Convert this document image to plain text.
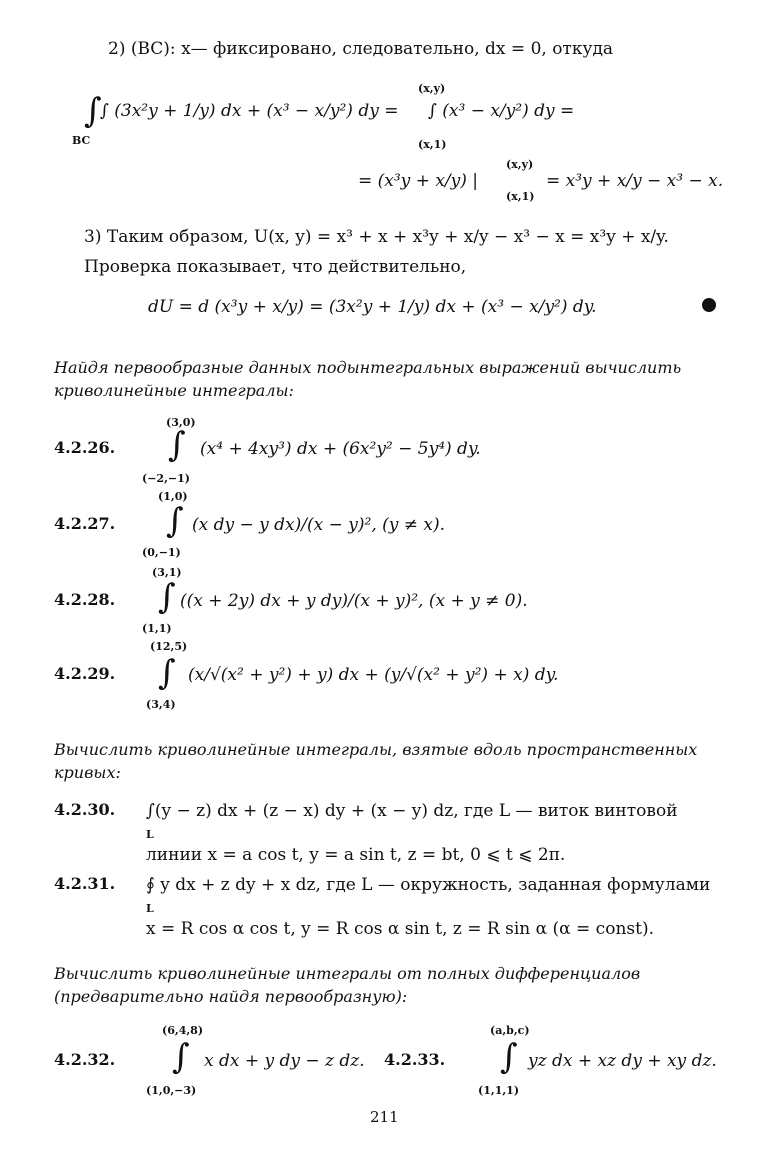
2) (BC): x— фиксировано, следовательно, dx = 0, откуда
∫
BC
∫ (3x²y + 1/y) dx + (x³ − x/y²) dy =
(x,y)
(x,1)
∫ (x³ − x/y²) dy =
= (x³y + x/y) |
(x,y)
(x,1)
= x³y + x/y − x³ − x.
3) Таким образом, U(x, y) = x³ + x + x³y + x/y − x³ − x = x³y + x/y.
Проверка показывает, что действительно,
dU = d (x³y + x/y) = (3x²y + 1/y) dx + (x³ − x/y²) dy.
Найдя первообразные данных подынтегральных выражений вычислить криволинейные интегралы:
4.2.26.
(3,0)
∫
(−2,−1)
(x⁴ + 4xy³) dx + (6x²y² − 5y⁴) dy.
4.2.27.
(1,0)
∫
(0,−1)
(x dy − y dx)/(x − y)², (y ≠ x).
4.2.28.
(3,1)
∫
(1,1)
((x + 2y) dx + y dy)/(x + y)², (x + y ≠ 0).
4.2.29.
(12,5)
∫
(3,4)
(x/√(x² + y²) + y) dx + (y/√(x² + y²) + x) dy.
Вычислить криволинейные интегралы, взятые вдоль пространственных кривых:
4.2.30. ∫(y − z) dx + (z − x) dy + (x − y) dz, где L — виток винтовой
L
линии x = a cos t, y = a sin t, z = bt, 0 ⩽ t ⩽ 2π.
4.2.31. ∮ y dx + z dy + x dz, где L — окружность, заданная формулами
L
x = R cos α cos t, y = R cos α sin t, z = R sin α (α = const).
Вычислить криволинейные интегралы от полных дифференциалов (предварительно найдя первообразную):
4.2.32.
(6,4,8)
∫
(1,0,−3)
x dx + y dy − z dz. 4.2.33.
(a,b,c)
∫
(1,1,1)
yz dx + xz dy + xy dz.
211
